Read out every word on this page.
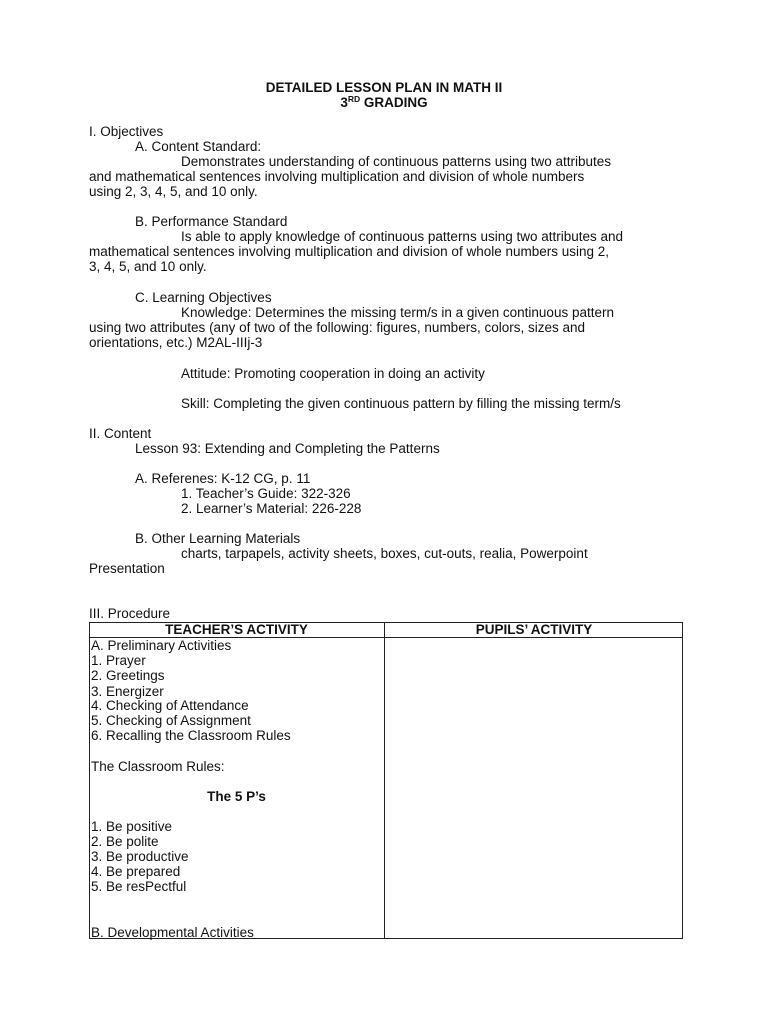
DETAILED LESSON PLAN IN MATH II
3RD GRADING
I. Objectives
A. Content Standard:
Demonstrates understanding of continuous patterns using two attributes
and mathematical sentences involving multiplication and division of whole numbers
using 2, 3, 4, 5, and 10 only.
B. Performance Standard
Is able to apply knowledge of continuous patterns using two attributes and
mathematical sentences involving multiplication and division of whole numbers using 2,
3, 4, 5, and 10 only.
C. Learning Objectives
Knowledge: Determines the missing term/s in a given continuous pattern
using two attributes (any of two of the following: figures, numbers, colors, sizes and
orientations, etc.) M2AL-IIIj-3
Attitude: Promoting cooperation in doing an activity
Skill: Completing the given continuous pattern by filling the missing term/s
II. Content
Lesson 93: Extending and Completing the Patterns
A. Referenes: K-12 CG, p. 11
1. Teacher’s Guide: 322-326
2. Learner’s Material: 226-228
B. Other Learning Materials
charts, tarpapels, activity sheets, boxes, cut-outs, realia, Powerpoint
Presentation
III. Procedure
TEACHER’S ACTIVITY	PUPILS’ ACTIVITY
A. Preliminary Activities
1. Prayer
2. Greetings
3. Energizer
4. Checking of Attendance
5. Checking of Assignment
6. Recalling the Classroom Rules
The Classroom Rules:
The 5 P’s
1. Be positive
2. Be polite
3. Be productive
4. Be prepared
5. Be resPectful
B. Developmental Activities
